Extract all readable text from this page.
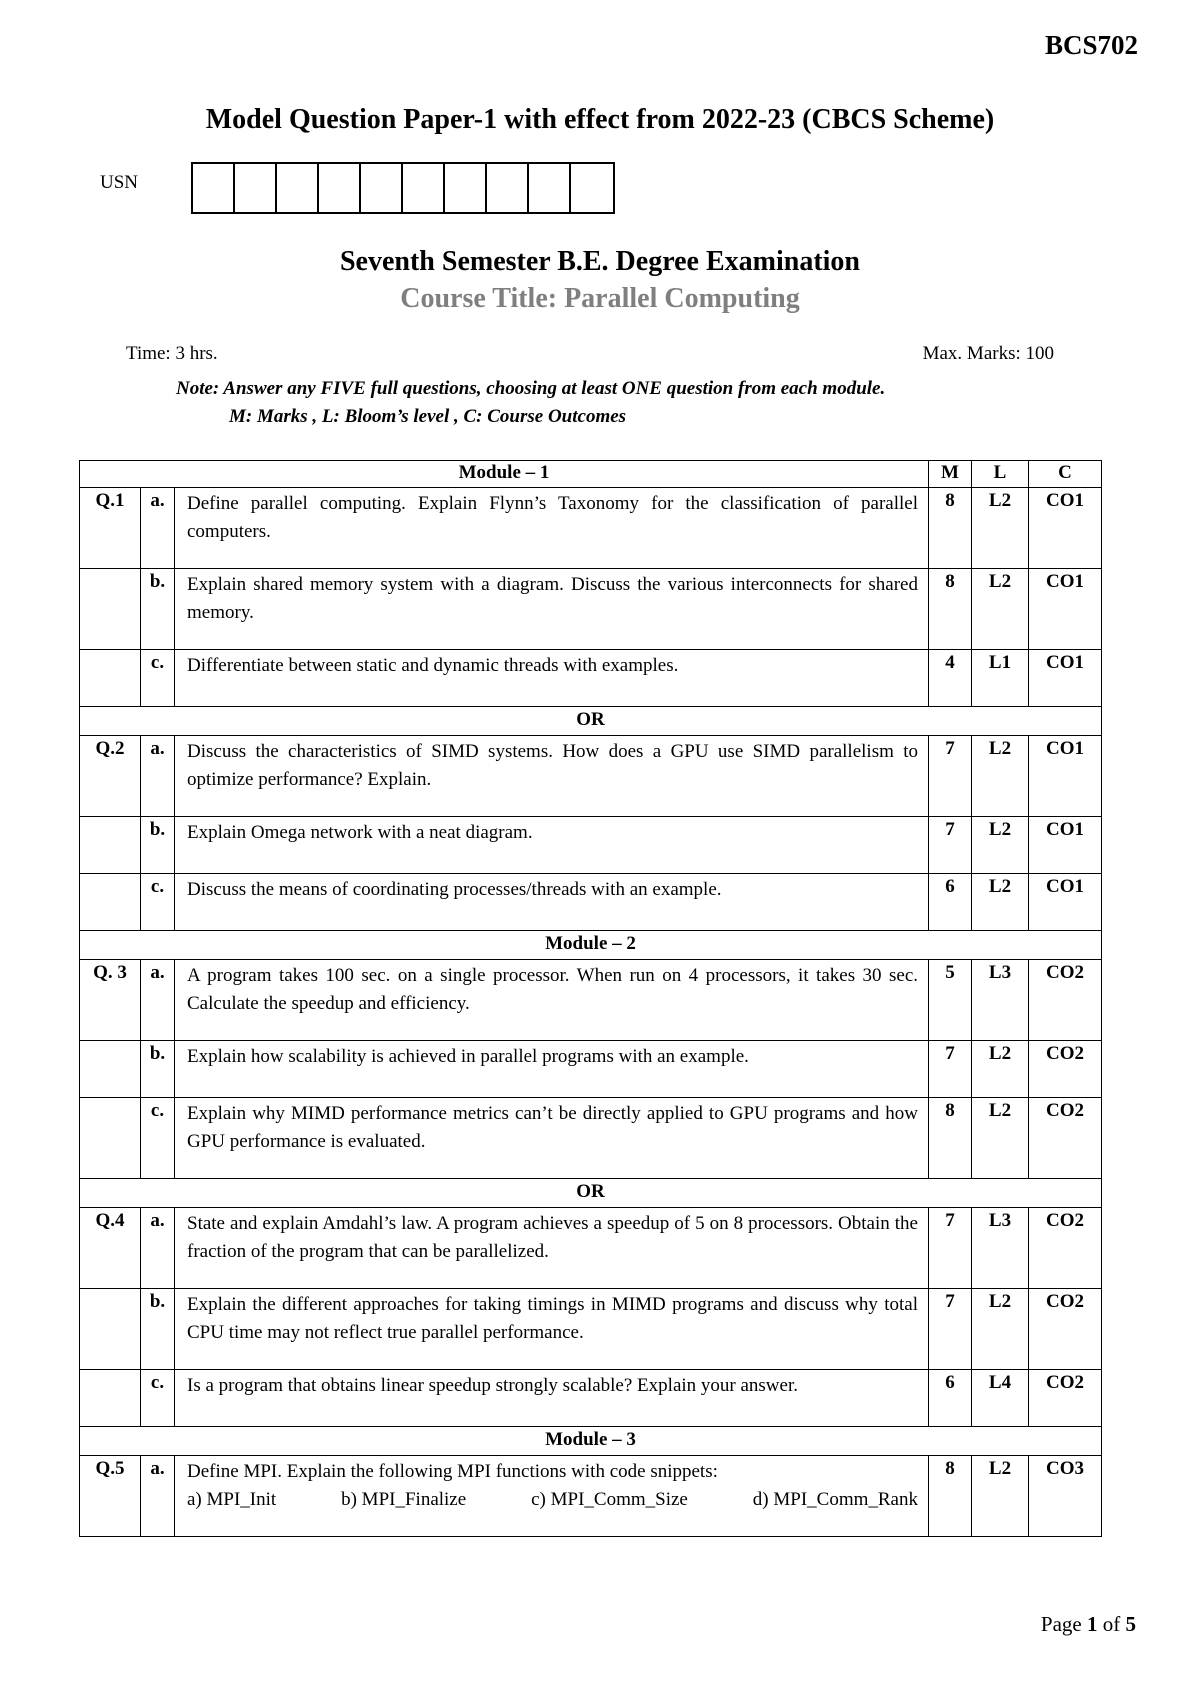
BCS702
Model Question Paper-1 with effect from 2022-23 (CBCS Scheme)
USN
Seventh Semester B.E. Degree Examination
Course Title: Parallel Computing
Time: 3 hrs.	Max. Marks: 100
Note: Answer any FIVE full questions, choosing at least ONE question from each module.
M: Marks , L: Bloom’s level , C: Course Outcomes
Module – 1			M	L	C
Q.1	a.	Define parallel computing. Explain Flynn’s Taxonomy for the classification of parallel computers.	8	L2	CO1
	b.	Explain shared memory system with a diagram. Discuss the various interconnects for shared memory.	8	L2	CO1
	c.	Differentiate between static and dynamic threads with examples.	4	L1	CO1
OR					
Q.2	a.	Discuss the characteristics of SIMD systems. How does a GPU use SIMD parallelism to optimize performance? Explain.	7	L2	CO1
	b.	Explain Omega network with a neat diagram.	7	L2	CO1
	c.	Discuss the means of coordinating processes/threads with an example.	6	L2	CO1
Module – 2					
Q. 3	a.	A program takes 100 sec. on a single processor. When run on 4 processors, it takes 30 sec. Calculate the speedup and efficiency.	5	L3	CO2
	b.	Explain how scalability is achieved in parallel programs with an example.	7	L2	CO2
	c.	Explain why MIMD performance metrics can’t be directly applied to GPU programs and how GPU performance is evaluated.	8	L2	CO2
OR					
Q.4	a.	State and explain Amdahl’s law. A program achieves a speedup of 5 on 8 processors. Obtain the fraction of the program that can be parallelized.	7	L3	CO2
	b.	Explain the different approaches for taking timings in MIMD programs and discuss why total CPU time may not reflect true parallel performance.	7	L2	CO2
	c.	Is a program that obtains linear speedup strongly scalable? Explain your answer.	6	L4	CO2
Module – 3					
Q.5	a.	Define MPI. Explain the following MPI functions with code snippets:
a) MPI_Init b) MPI_Finalize c) MPI_Comm_Size d) MPI_Comm_Rank	8	L2	CO3
Page 1 of 5
